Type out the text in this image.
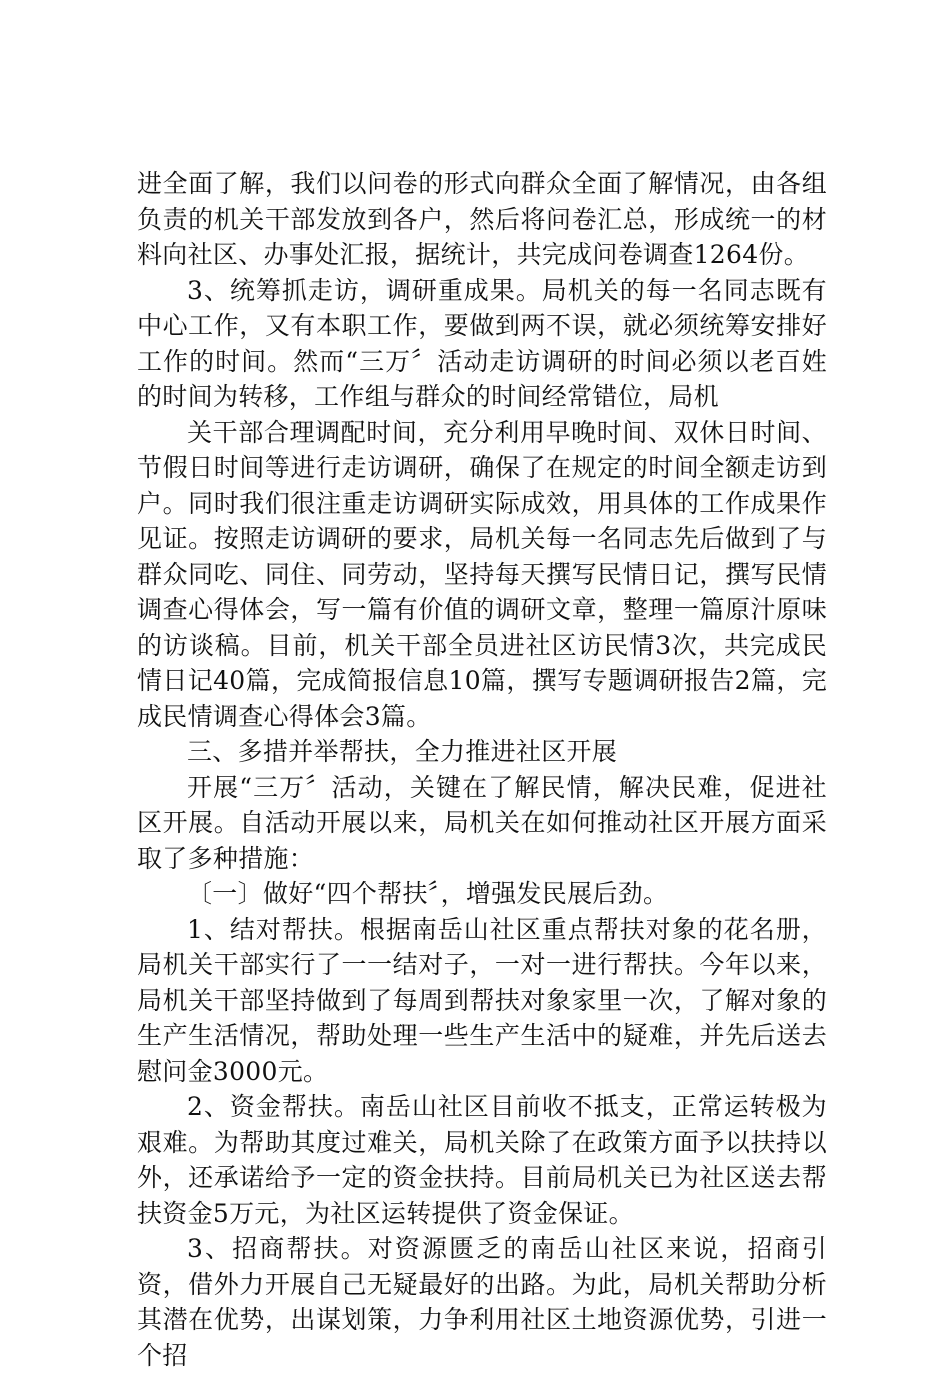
进全面了解，我们以问卷的形式向群众全面了解情况，由各组负责的机关干部发放到各户，然后将问卷汇总，形成统一的材料向社区、办事处汇报，据统计，共完成问卷调查1264份。

3、统筹抓走访，调研重成果。局机关的每一名同志既有中心工作，又有本职工作，要做到两不误，就必须统筹安排好工作的时间。然而“三万〞活动走访调研的时间必须以老百姓的时间为转移，工作组与群众的时间经常错位，局机

关干部合理调配时间，充分利用早晚时间、双休日时间、节假日时间等进行走访调研，确保了在规定的时间全额走访到户。同时我们很注重走访调研实际成效，用具体的工作成果作见证。按照走访调研的要求，局机关每一名同志先后做到了与群众同吃、同住、同劳动，坚持每天撰写民情日记，撰写民情调查心得体会，写一篇有价值的调研文章，整理一篇原汁原味的访谈稿。目前，机关干部全员进社区访民情3次，共完成民情日记40篇，完成简报信息10篇，撰写专题调研报告2篇，完成民情调查心得体会3篇。

三、多措并举帮扶，全力推进社区开展

开展“三万〞活动，关键在了解民情，解决民难，促进社区开展。自活动开展以来，局机关在如何推动社区开展方面采取了多种措施：

〔一〕做好“四个帮扶〞，增强发民展后劲。

1、结对帮扶。根据南岳山社区重点帮扶对象的花名册，局机关干部实行了一一结对子，一对一进行帮扶。今年以来，局机关干部坚持做到了每周到帮扶对象家里一次，了解对象的生产生活情况，帮助处理一些生产生活中的疑难，并先后送去慰问金3000元。

2、资金帮扶。南岳山社区目前收不抵支，正常运转极为艰难。为帮助其度过难关，局机关除了在政策方面予以扶持以外，还承诺给予一定的资金扶持。目前局机关已为社区送去帮扶资金5万元，为社区运转提供了资金保证。

3、招商帮扶。对资源匮乏的南岳山社区来说，招商引资，借外力开展自己无疑最好的出路。为此，局机关帮助分析其潜在优势，出谋划策，力争利用社区土地资源优势，引进一个招
